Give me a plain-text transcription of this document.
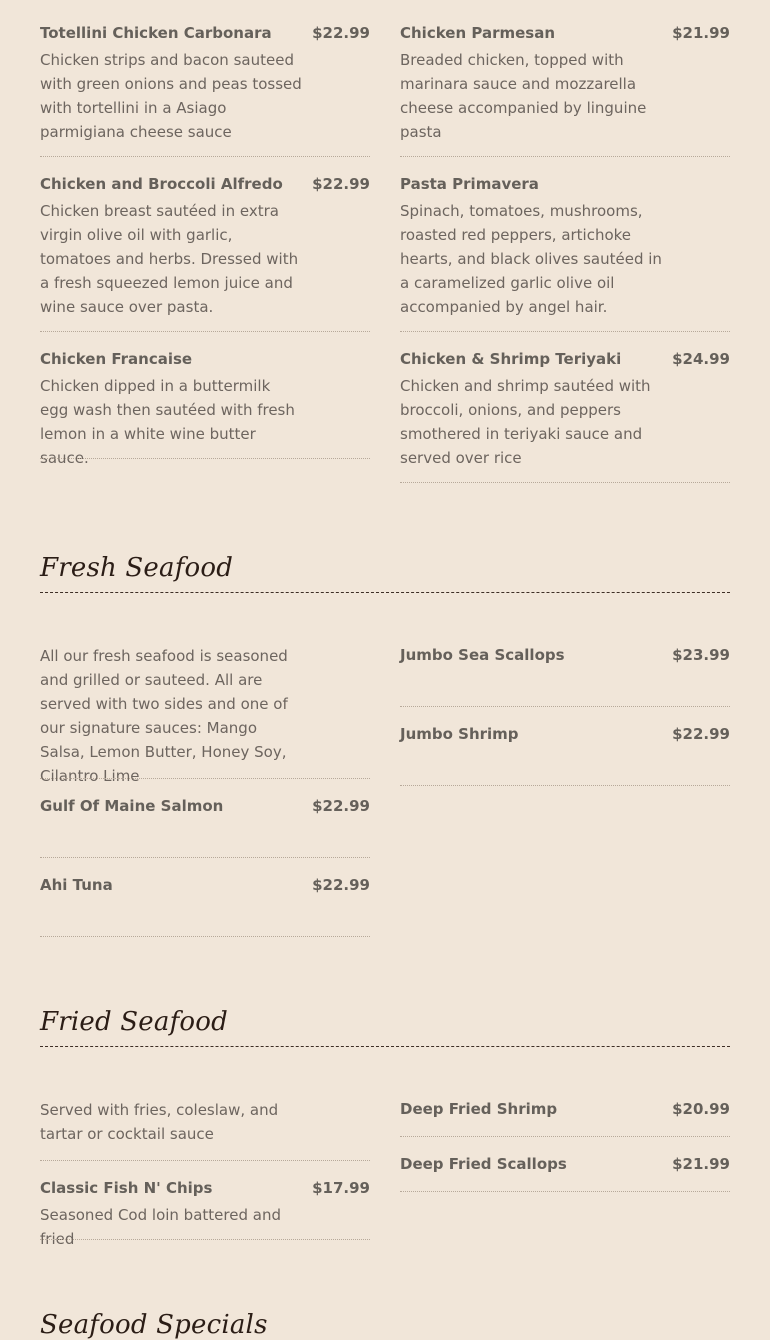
Totellini Chicken Carbonara	$22.99
Chicken strips and bacon sauteed with green onions and peas tossed with tortellini in a Asiago parmigiana cheese sauce
Chicken and Broccoli Alfredo $22.99
Chicken breast sautéed in extra virgin olive oil with garlic, tomatoes and herbs. Dressed with a fresh squeezed lemon juice and wine sauce over pasta.
Chicken Francaise
Chicken dipped in a buttermilk egg wash then sautéed with fresh lemon in a white wine butter sauce.
Chicken Parmesan	$21.99
Breaded chicken, topped with marinara sauce and mozzarella cheese accompanied by linguine pasta
Pasta Primavera
Spinach, tomatoes, mushrooms, roasted red peppers, artichoke hearts, and black olives sautéed in a caramelized garlic olive oil accompanied by angel hair.
Chicken & Shrimp Teriyaki	$24.99
Chicken and shrimp sautéed with broccoli, onions, and peppers smothered in teriyaki sauce and served over rice
Fresh Seafood
All our fresh seafood is seasoned and grilled or sauteed. All are served with two sides and one of our signature sauces: Mango Salsa, Lemon Butter, Honey Soy, Cilantro Lime
Gulf Of Maine Salmon	$22.99
Ahi Tuna	$22.99
Jumbo Sea Scallops	$23.99
Jumbo Shrimp	$22.99
Fried Seafood
Served with fries, coleslaw, and tartar or cocktail sauce
Classic Fish N' Chips	$17.99
Seasoned Cod loin battered and fried
Deep Fried Shrimp	$20.99
Deep Fried Scallops	$21.99
Seafood Specials
